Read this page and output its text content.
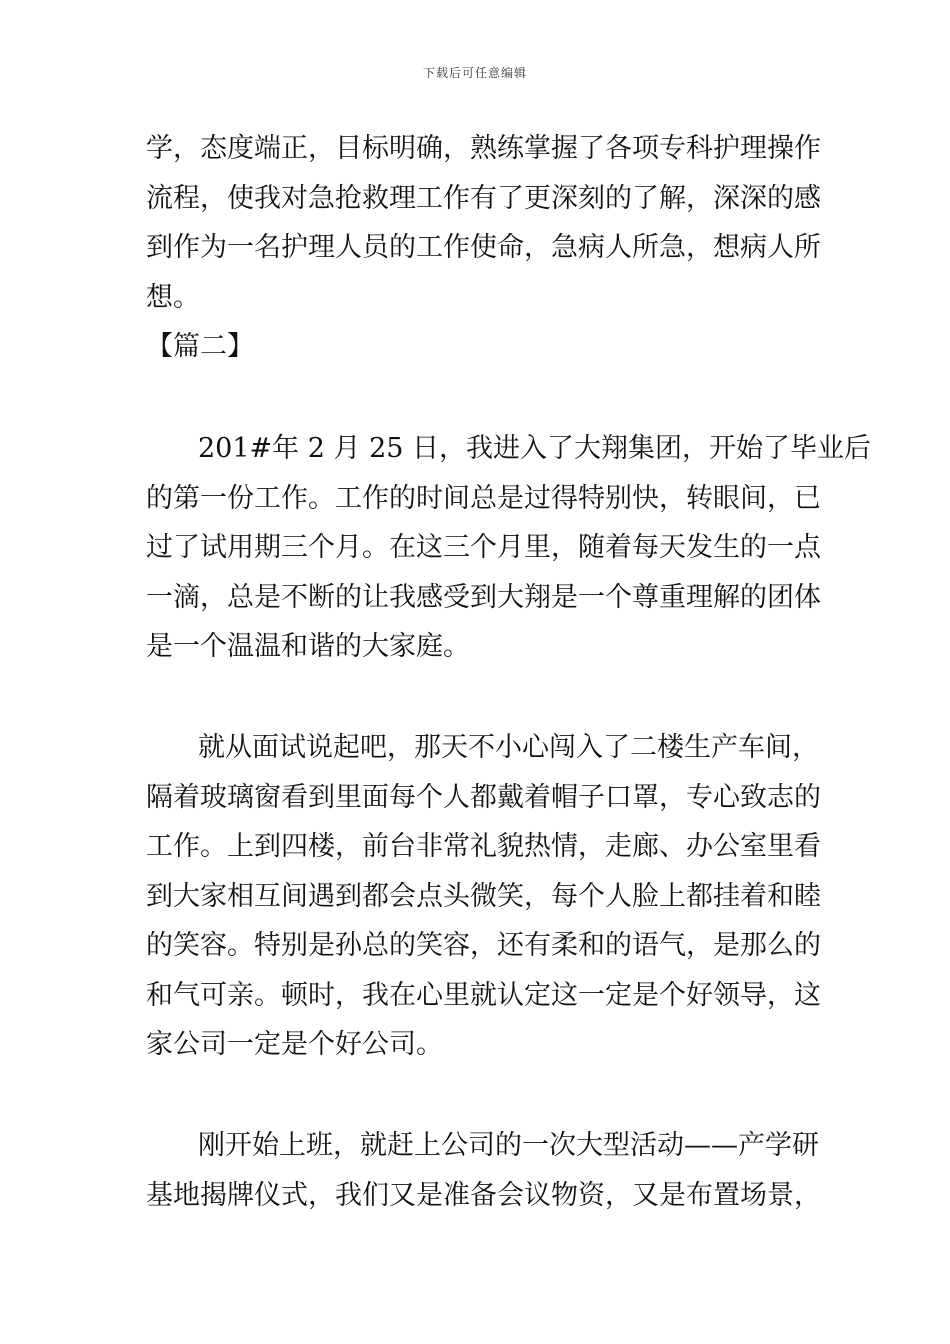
下载后可任意编辑
学，态度端正，目标明确，熟练掌握了各项专科护理操作
流程，使我对急抢救理工作有了更深刻的了解，深深的感
到作为一名护理人员的工作使命，急病人所急，想病人所
想。
【篇二】
201#年 2 月 25 日，我进入了大翔集团，开始了毕业后
的第一份工作。工作的时间总是过得特别快，转眼间，已
过了试用期三个月。在这三个月里，随着每天发生的一点
一滴，总是不断的让我感受到大翔是一个尊重理解的团体
是一个温温和谐的大家庭。
就从面试说起吧，那天不小心闯入了二楼生产车间，
隔着玻璃窗看到里面每个人都戴着帽子口罩，专心致志的
工作。上到四楼，前台非常礼貌热情，走廊、办公室里看
到大家相互间遇到都会点头微笑，每个人脸上都挂着和睦
的笑容。特别是孙总的笑容，还有柔和的语气，是那么的
和气可亲。顿时，我在心里就认定这一定是个好领导，这
家公司一定是个好公司。
刚开始上班，就赶上公司的一次大型活动——产学研
基地揭牌仪式，我们又是准备会议物资，又是布置场景，
